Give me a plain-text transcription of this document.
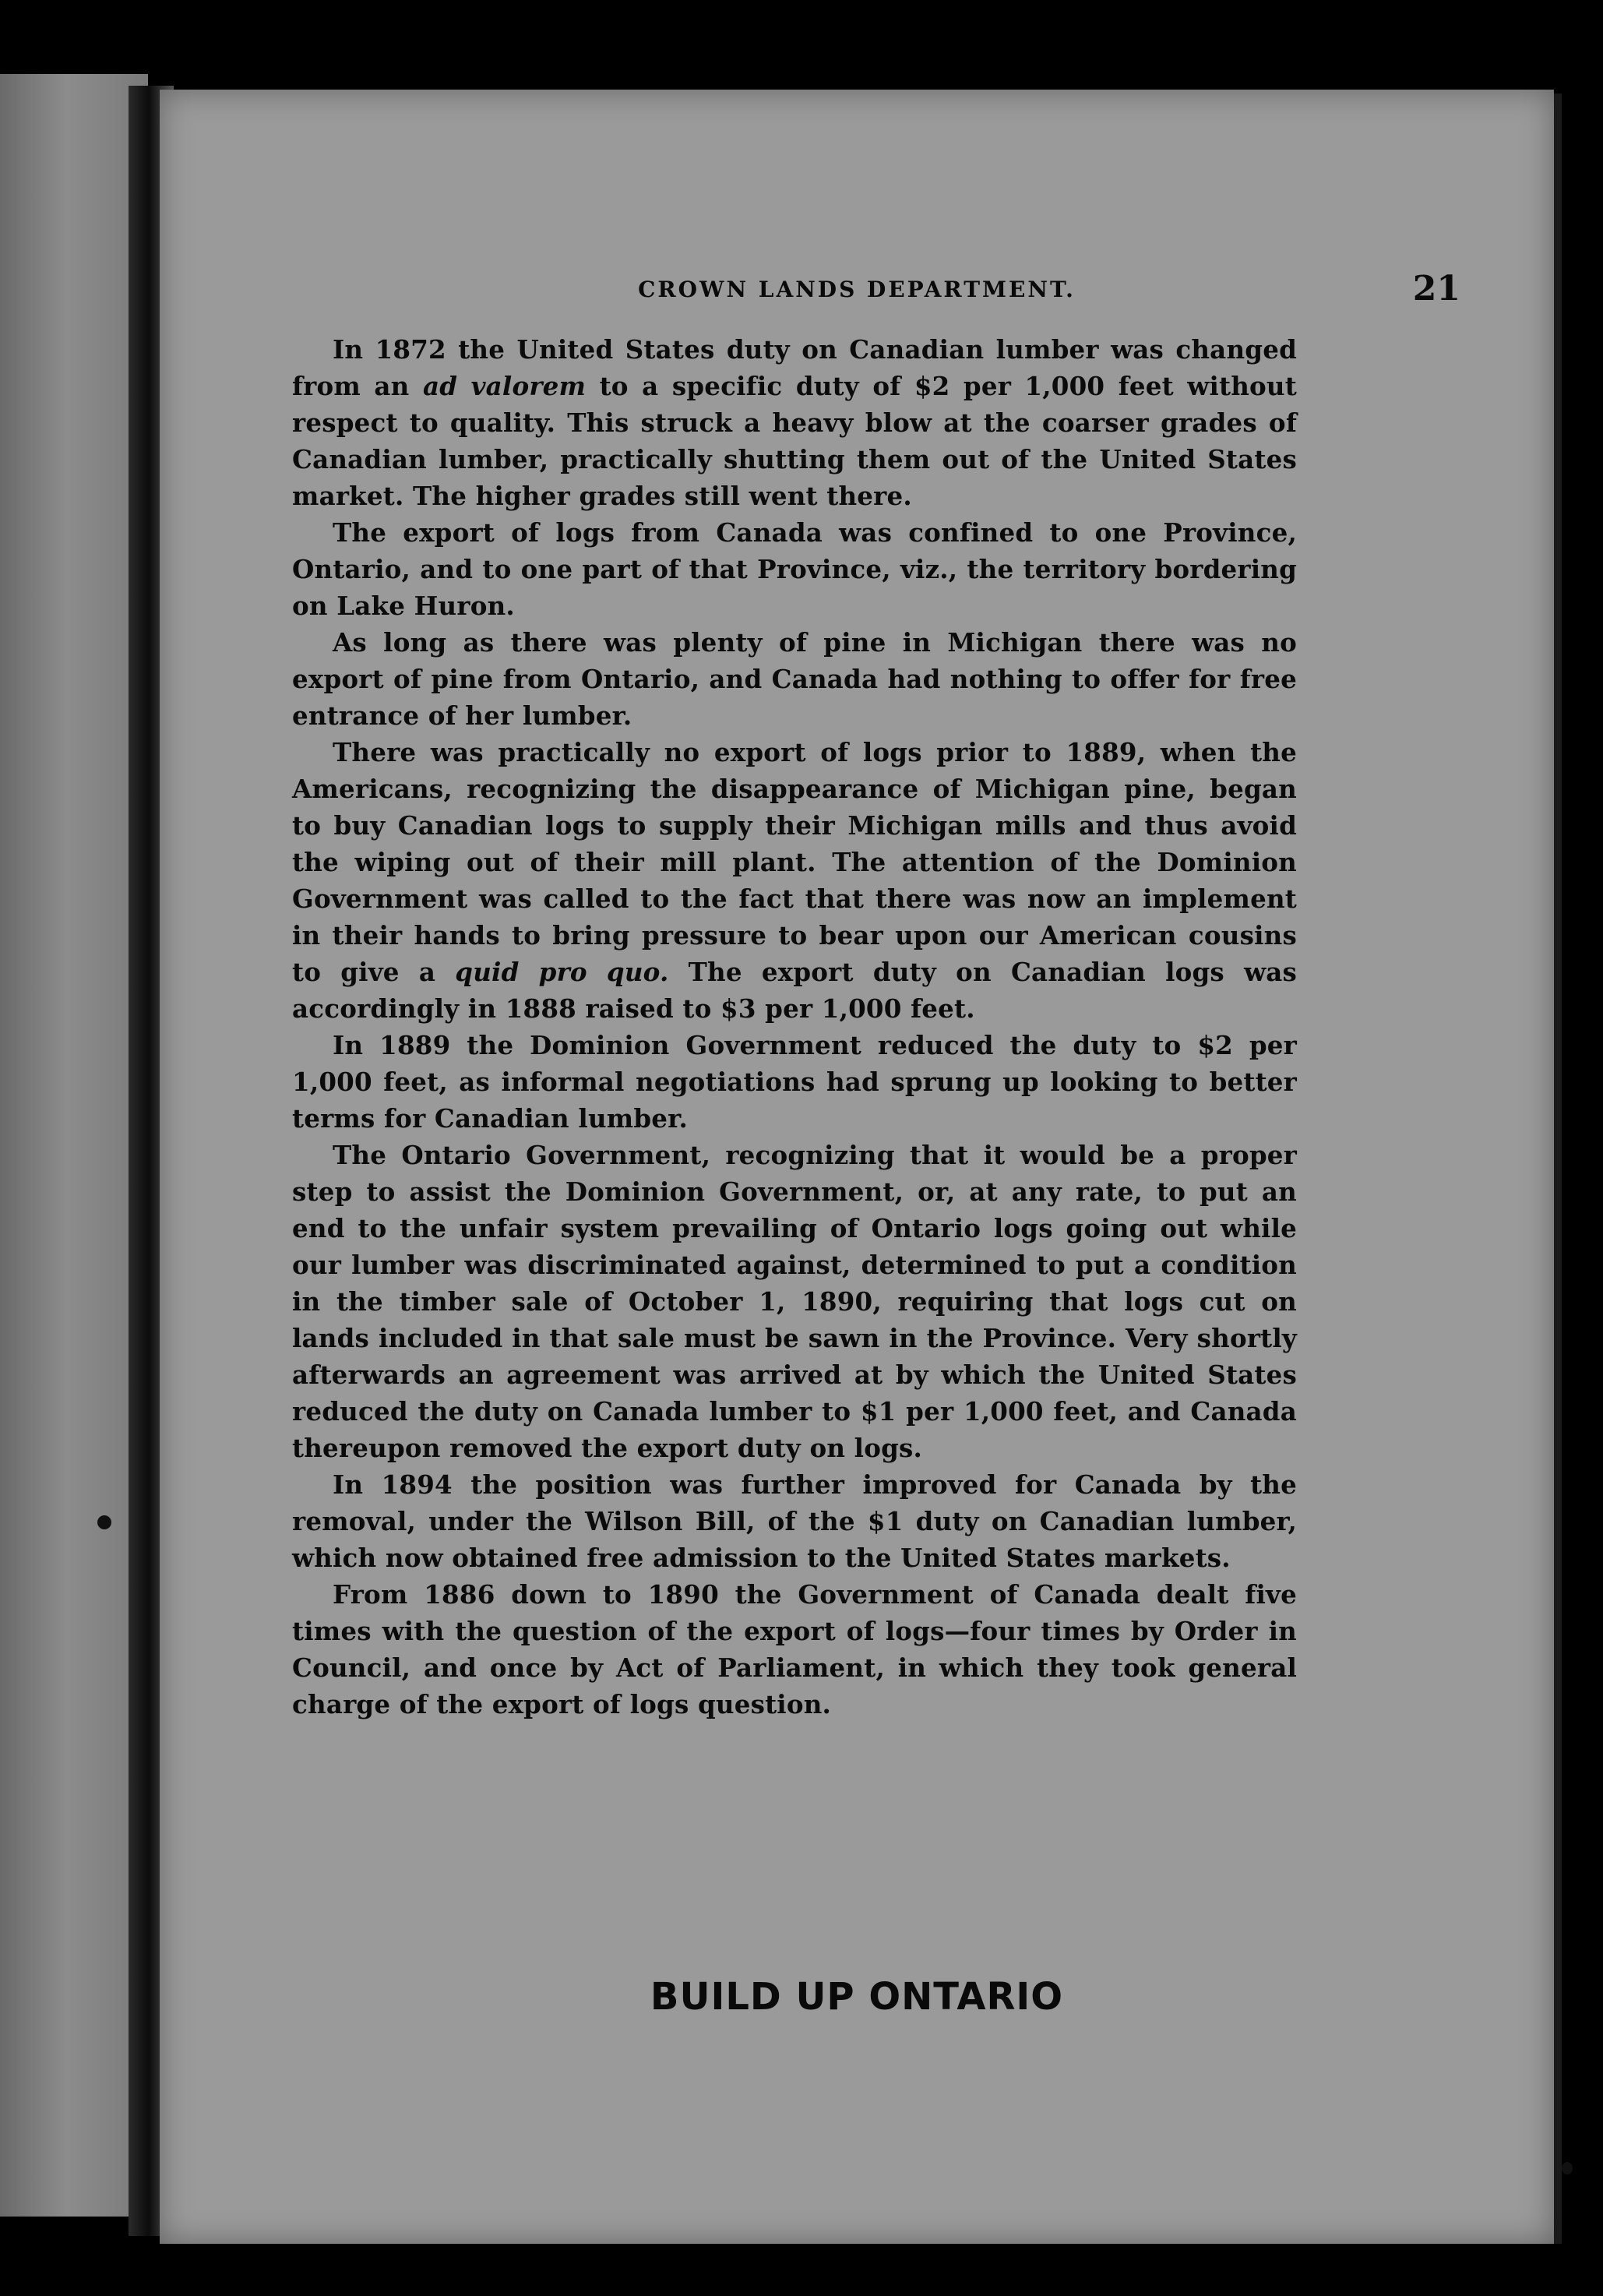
CROWN LANDS DEPARTMENT.	21

In 1872 the United States duty on Canadian lumber was changed from an ad valorem to a specific duty of $2 per 1,000 feet without respect to quality. This struck a heavy blow at the coarser grades of Canadian lumber, practically shutting them out of the United States market. The higher grades still went there.

The export of logs from Canada was confined to one Province, Ontario, and to one part of that Province, viz., the territory bordering on Lake Huron.

As long as there was plenty of pine in Michigan there was no export of pine from Ontario, and Canada had nothing to offer for free entrance of her lumber.

There was practically no export of logs prior to 1889, when the Americans, recognizing the disappearance of Michigan pine, began to buy Canadian logs to supply their Michigan mills and thus avoid the wiping out of their mill plant. The attention of the Dominion Government was called to the fact that there was now an implement in their hands to bring pressure to bear upon our American cousins to give a quid pro quo. The export duty on Canadian logs was accordingly in 1888 raised to $3 per 1,000 feet.

In 1889 the Dominion Government reduced the duty to $2 per 1,000 feet, as informal negotiations had sprung up looking to better terms for Canadian lumber.

The Ontario Government, recognizing that it would be a proper step to assist the Dominion Government, or, at any rate, to put an end to the unfair system prevailing of Ontario logs going out while our lumber was discriminated against, determined to put a condition in the timber sale of October 1, 1890, requiring that logs cut on lands included in that sale must be sawn in the Province. Very shortly afterwards an agreement was arrived at by which the United States reduced the duty on Canada lumber to $1 per 1,000 feet, and Canada thereupon removed the export duty on logs.

In 1894 the position was further improved for Canada by the removal, under the Wilson Bill, of the $1 duty on Canadian lumber, which now obtained free admission to the United States markets.

From 1886 down to 1890 the Government of Canada dealt five times with the question of the export of logs—four times by Order in Council, and once by Act of Parliament, in which they took general charge of the export of logs question.

BUILD UP ONTARIO
